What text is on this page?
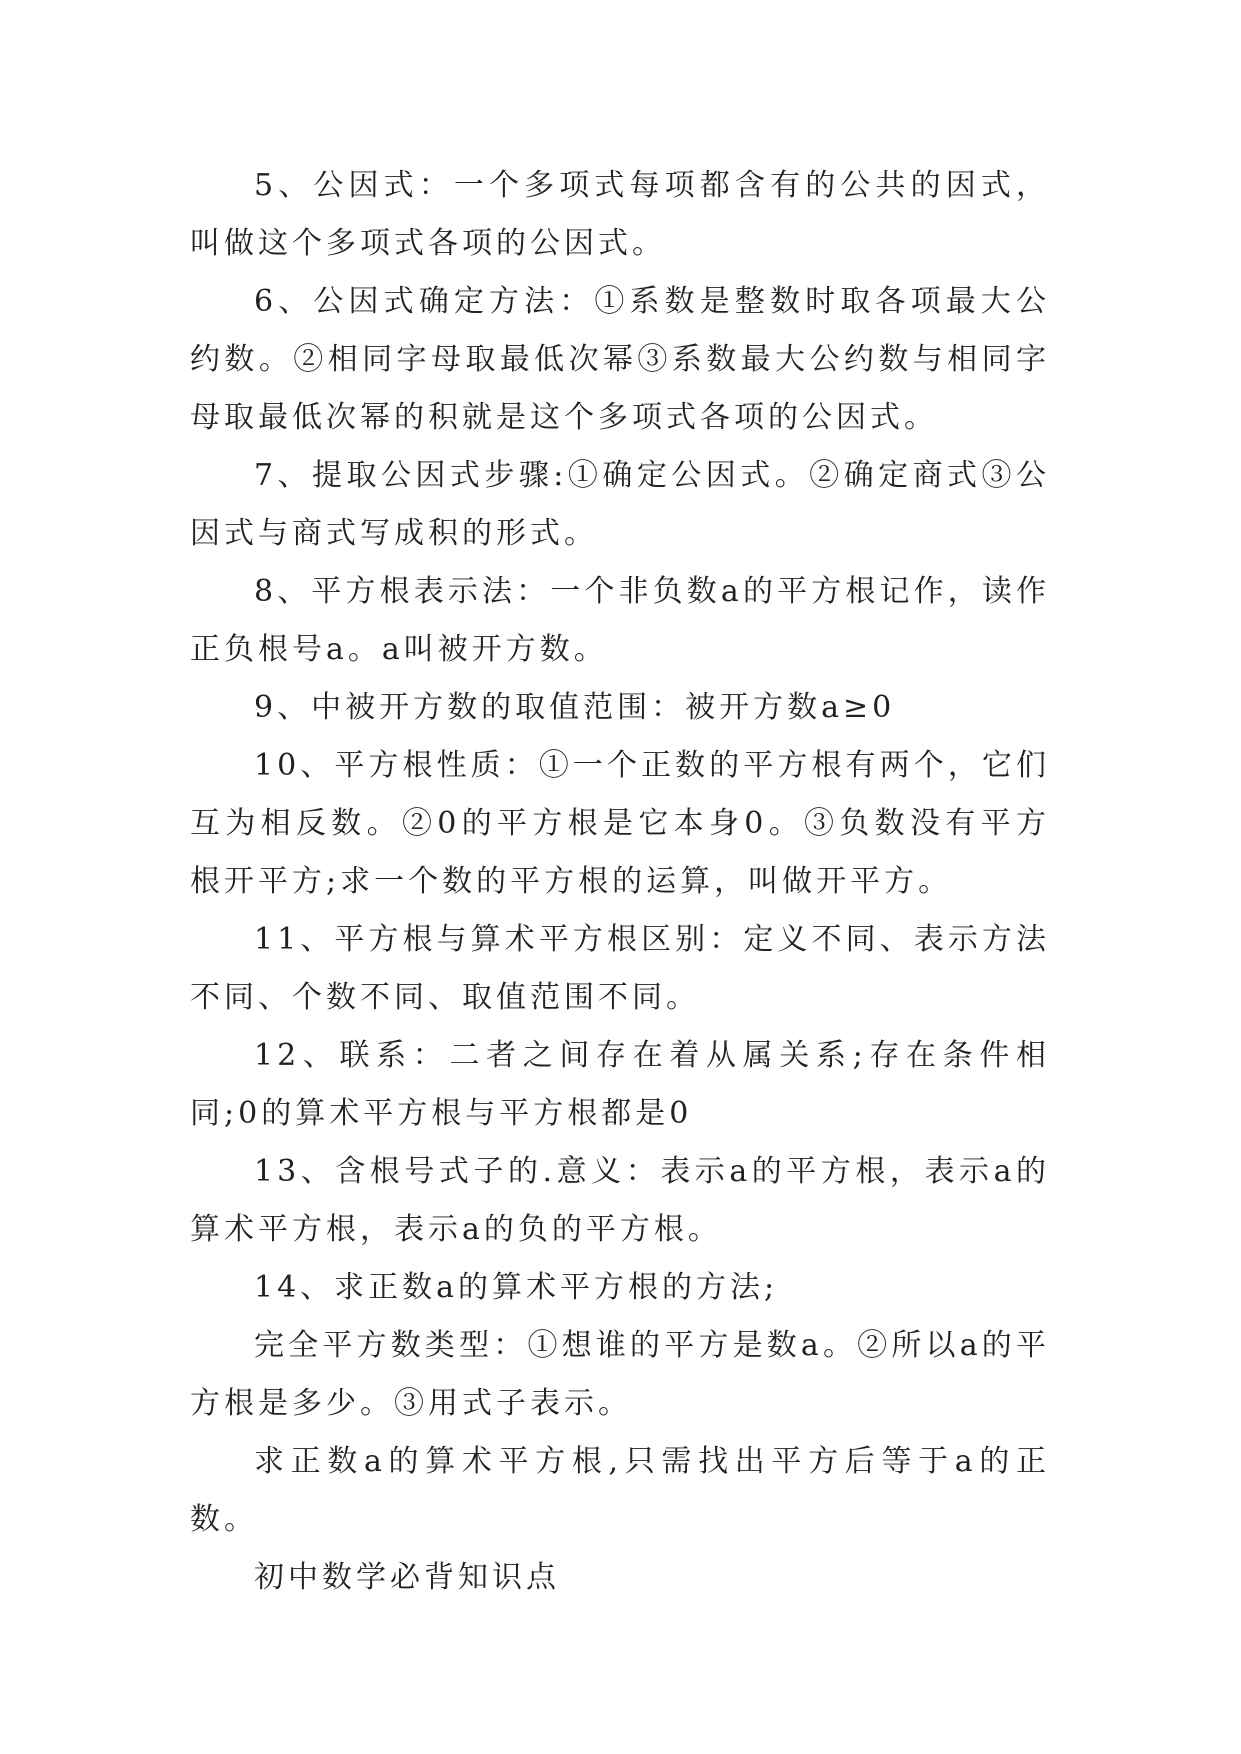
5、公因式：一个多项式每项都含有的公共的因式，叫做这个多项式各项的公因式。

6、公因式确定方法：①系数是整数时取各项最大公约数。②相同字母取最低次幂③系数最大公约数与相同字母取最低次幂的积就是这个多项式各项的公因式。

7、提取公因式步骤:①确定公因式。②确定商式③公因式与商式写成积的形式。

8、平方根表示法：一个非负数a的平方根记作，读作正负根号a。a叫被开方数。

9、中被开方数的取值范围：被开方数a≥0

10、平方根性质：①一个正数的平方根有两个，它们互为相反数。②0的平方根是它本身0。③负数没有平方根开平方;求一个数的平方根的运算，叫做开平方。

11、平方根与算术平方根区别：定义不同、表示方法不同、个数不同、取值范围不同。

12、联系：二者之间存在着从属关系;存在条件相同;0的算术平方根与平方根都是0

13、含根号式子的.意义：表示a的平方根，表示a的算术平方根，表示a的负的平方根。

14、求正数a的算术平方根的方法;

完全平方数类型：①想谁的平方是数a。②所以a的平方根是多少。③用式子表示。

求正数a的算术平方根,只需找出平方后等于a的正数。

初中数学必背知识点
